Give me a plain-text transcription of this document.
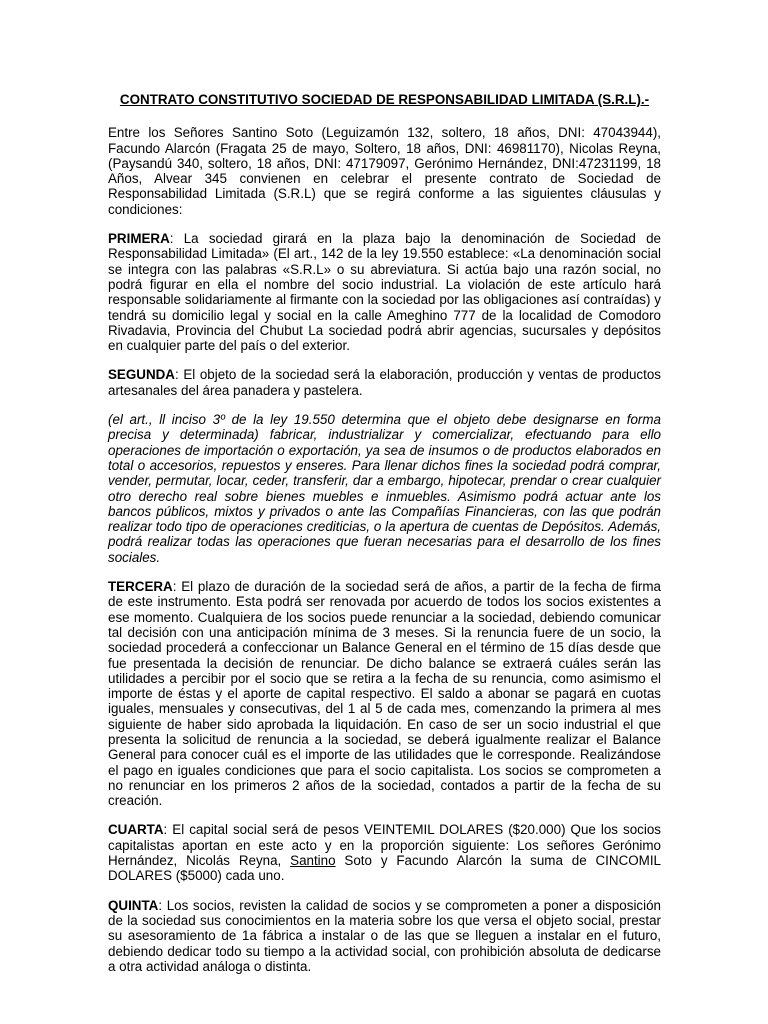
CONTRATO CONSTITUTIVO SOCIEDAD DE RESPONSABILIDAD LIMITADA (S.R.L).-

Entre los Señores Santino Soto (Leguizamón 132, soltero, 18 años, DNI: 47043944), Facundo Alarcón (Fragata 25 de mayo, Soltero, 18 años, DNI: 46981170), Nicolas Reyna, (Paysandú 340, soltero, 18 años, DNI: 47179097, Gerónimo Hernández, DNI:47231199, 18 Años, Alvear 345 convienen en celebrar el presente contrato de Sociedad de Responsabilidad Limitada (S.R.L) que se regirá conforme a las siguientes cláusulas y condiciones:

PRIMERA: La sociedad girará en la plaza bajo la denominación de Sociedad de Responsabilidad Limitada» (El art., 142 de la ley 19.550 establece: «La denominación social se integra con las palabras «S.R.L» o su abreviatura. Si actúa bajo una razón social, no podrá figurar en ella el nombre del socio industrial. La violación de este artículo hará responsable solidariamente al firmante con la sociedad por las obligaciones así contraídas) y tendrá su domicilio legal y social en la calle Ameghino 777 de la localidad de Comodoro Rivadavia, Provincia del Chubut La sociedad podrá abrir agencias, sucursales y depósitos en cualquier parte del país o del exterior.

SEGUNDA: El objeto de la sociedad será la elaboración, producción y ventas de productos artesanales del área panadera y pastelera.

(el art., ll inciso 3º de la ley 19.550 determina que el objeto debe designarse en forma precisa y determinada) fabricar, industrializar y comercializar, efectuando para ello operaciones de importación o exportación, ya sea de insumos o de productos elaborados en total o accesorios, repuestos y enseres. Para llenar dichos fines la sociedad podrá comprar, vender, permutar, locar, ceder, transferir, dar a embargo, hipotecar, prendar o crear cualquier otro derecho real sobre bienes muebles e inmuebles. Asimismo podrá actuar ante los bancos públicos, mixtos y privados o ante las Compañías Financieras, con las que podrán realizar todo tipo de operaciones crediticias, o la apertura de cuentas de Depósitos. Además, podrá realizar todas las operaciones que fueran necesarias para el desarrollo de los fines sociales.

TERCERA: El plazo de duración de la sociedad será de años, a partir de la fecha de firma de este instrumento. Esta podrá ser renovada por acuerdo de todos los socios existentes a ese momento. Cualquiera de los socios puede renunciar a la sociedad, debiendo comunicar tal decisión con una anticipación mínima de 3 meses. Si la renuncia fuere de un socio, la sociedad procederá a confeccionar un Balance General en el término de 15 días desde que fue presentada la decisión de renunciar. De dicho balance se extraerá cuáles serán las utilidades a percibir por el socio que se retira a la fecha de su renuncia, como asimismo el importe de éstas y el aporte de capital respectivo. El saldo a abonar se pagará en cuotas iguales, mensuales y consecutivas, del 1 al 5 de cada mes, comenzando la primera al mes siguiente de haber sido aprobada la liquidación. En caso de ser un socio industrial el que presenta la solicitud de renuncia a la sociedad, se deberá igualmente realizar el Balance General para conocer cuál es el importe de las utilidades que le corresponde. Realizándose el pago en iguales condiciones que para el socio capitalista. Los socios se comprometen a no renunciar en los primeros 2 años de la sociedad, contados a partir de la fecha de su creación.

CUARTA: El capital social será de pesos VEINTEMIL DOLARES ($20.000) Que los socios capitalistas aportan en este acto y en la proporción siguiente: Los señores Gerónimo Hernández, Nicolás Reyna, Santino Soto y Facundo Alarcón la suma de CINCOMIL DOLARES ($5000) cada uno.

QUINTA: Los socios, revisten la calidad de socios y se comprometen a poner a disposición de la sociedad sus conocimientos en la materia sobre los que versa el objeto social, prestar su asesoramiento de 1a fábrica a instalar o de las que se lleguen a instalar en el futuro, debiendo dedicar todo su tiempo a la actividad social, con prohibición absoluta de dedicarse a otra actividad análoga o distinta.
